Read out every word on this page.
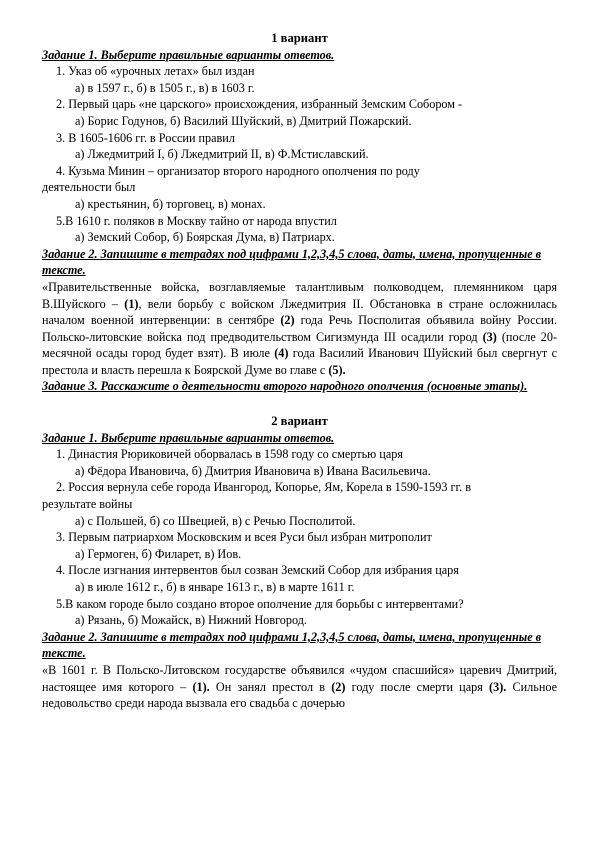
1 вариант

Задание 1. Выберите правильные варианты ответов.

1. Указ об «урочных летах» был издан

а) в 1597 г., б) в 1505 г., в) в 1603 г.

2. Первый царь «не царского» происхождения, избранный Земским Собором -

а) Борис Годунов, б) Василий Шуйский, в) Дмитрий Пожарский.

3. В 1605-1606 гг. в России правил

а) Лжедмитрий I, б) Лжедмитрий II, в) Ф.Мстиславский.

4. Кузьма Минин – организатор второго народного ополчения по роду

деятельности был

а) крестьянин, б) торговец, в) монах.

5.В 1610 г. поляков в Москву тайно от народа впустил

а) Земский Собор, б) Боярская Дума, в) Патриарх.

Задание 2. Запишите в тетрадях под цифрами 1,2,3,4,5 слова, даты, имена, пропущенные в тексте.

«Правительственные войска, возглавляемые талантливым полководцем, племянником царя В.Шуйского – (1), вели борьбу с войском Лжедмитрия II. Обстановка в стране осложнилась началом военной интервенции: в сентябре (2) года Речь Посполитая объявила войну России. Польско-литовские войска под предводительством Сигизмунда III осадили город (3) (после 20-месячной осады город будет взят). В июле (4) года Василий Иванович Шуйский был свергнут с престола и власть перешла к Боярской Думе во главе с (5).

Задание 3. Расскажите о деятельности второго народного ополчения (основные этапы).

2 вариант

Задание 1. Выберите правильные варианты ответов.

1. Династия Рюриковичей оборвалась в 1598 году со смертью царя

а) Фёдора Ивановича, б) Дмитрия Ивановича в) Ивана Васильевича.

2. Россия вернула себе города Ивангород, Копорье, Ям, Корела в 1590-1593 гг. в

результате войны

а) с Польшей, б) со Швецией, в) с Речью Посполитой.

3. Первым патриархом Московским и всея Руси был избран митрополит

а) Гермоген, б) Филарет, в) Иов.

4. После изгнания интервентов был созван Земский Собор для избрания царя

а) в июле 1612 г., б) в январе 1613 г., в) в марте 1611 г.

5.В каком городе было создано второе ополчение для борьбы с интервентами?

а) Рязань, б) Можайск, в) Нижний Новгород.

Задание 2. Запишите в тетрадях под цифрами 1,2,3,4,5 слова, даты, имена, пропущенные в тексте.

«В 1601 г. В Польско-Литовском государстве объявился «чудом спасшийся» царевич Дмитрий, настоящее имя которого – (1). Он занял престол в (2) году после смерти царя (3). Сильное недовольство среди народа вызвала его свадьба с дочерью
